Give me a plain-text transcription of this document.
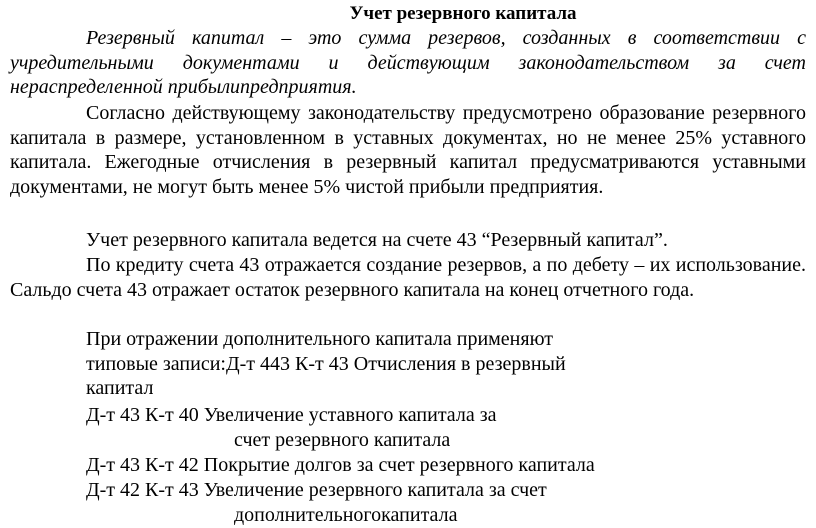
Учет резервного капитала

Резервный капитал – это сумма резервов, созданных в соответствии с учредительными документами и действующим законодательством за счет нераспределенной прибылипредприятия.

Согласно действующему законодательству предусмотрено образование резервного капитала в размере, установленном в уставных документах, но не менее 25% уставного капитала. Ежегодные отчисления в резервный капитал предусматриваются уставными документами, не могут быть менее 5% чистой прибыли предприятия.

Учет резервного капитала ведется на счете 43 “Резервный капитал”.

По кредиту счета 43 отражается создание резервов, а по дебету – их использование. Сальдо счета 43 отражает остаток резервного капитала на конец отчетного года.

При отражении дополнительного капитала применяют типовые записи:Д-т 443 К-т 43 Отчисления в резервный капитал

Д-т 43 К-т 40 Увеличение уставного капитала за

счет резервного капитала

Д-т 43 К-т 42 Покрытие долгов за счет резервного капитала

Д-т 42 К-т 43 Увеличение резервного капитала за счет

дополнительногокапитала
